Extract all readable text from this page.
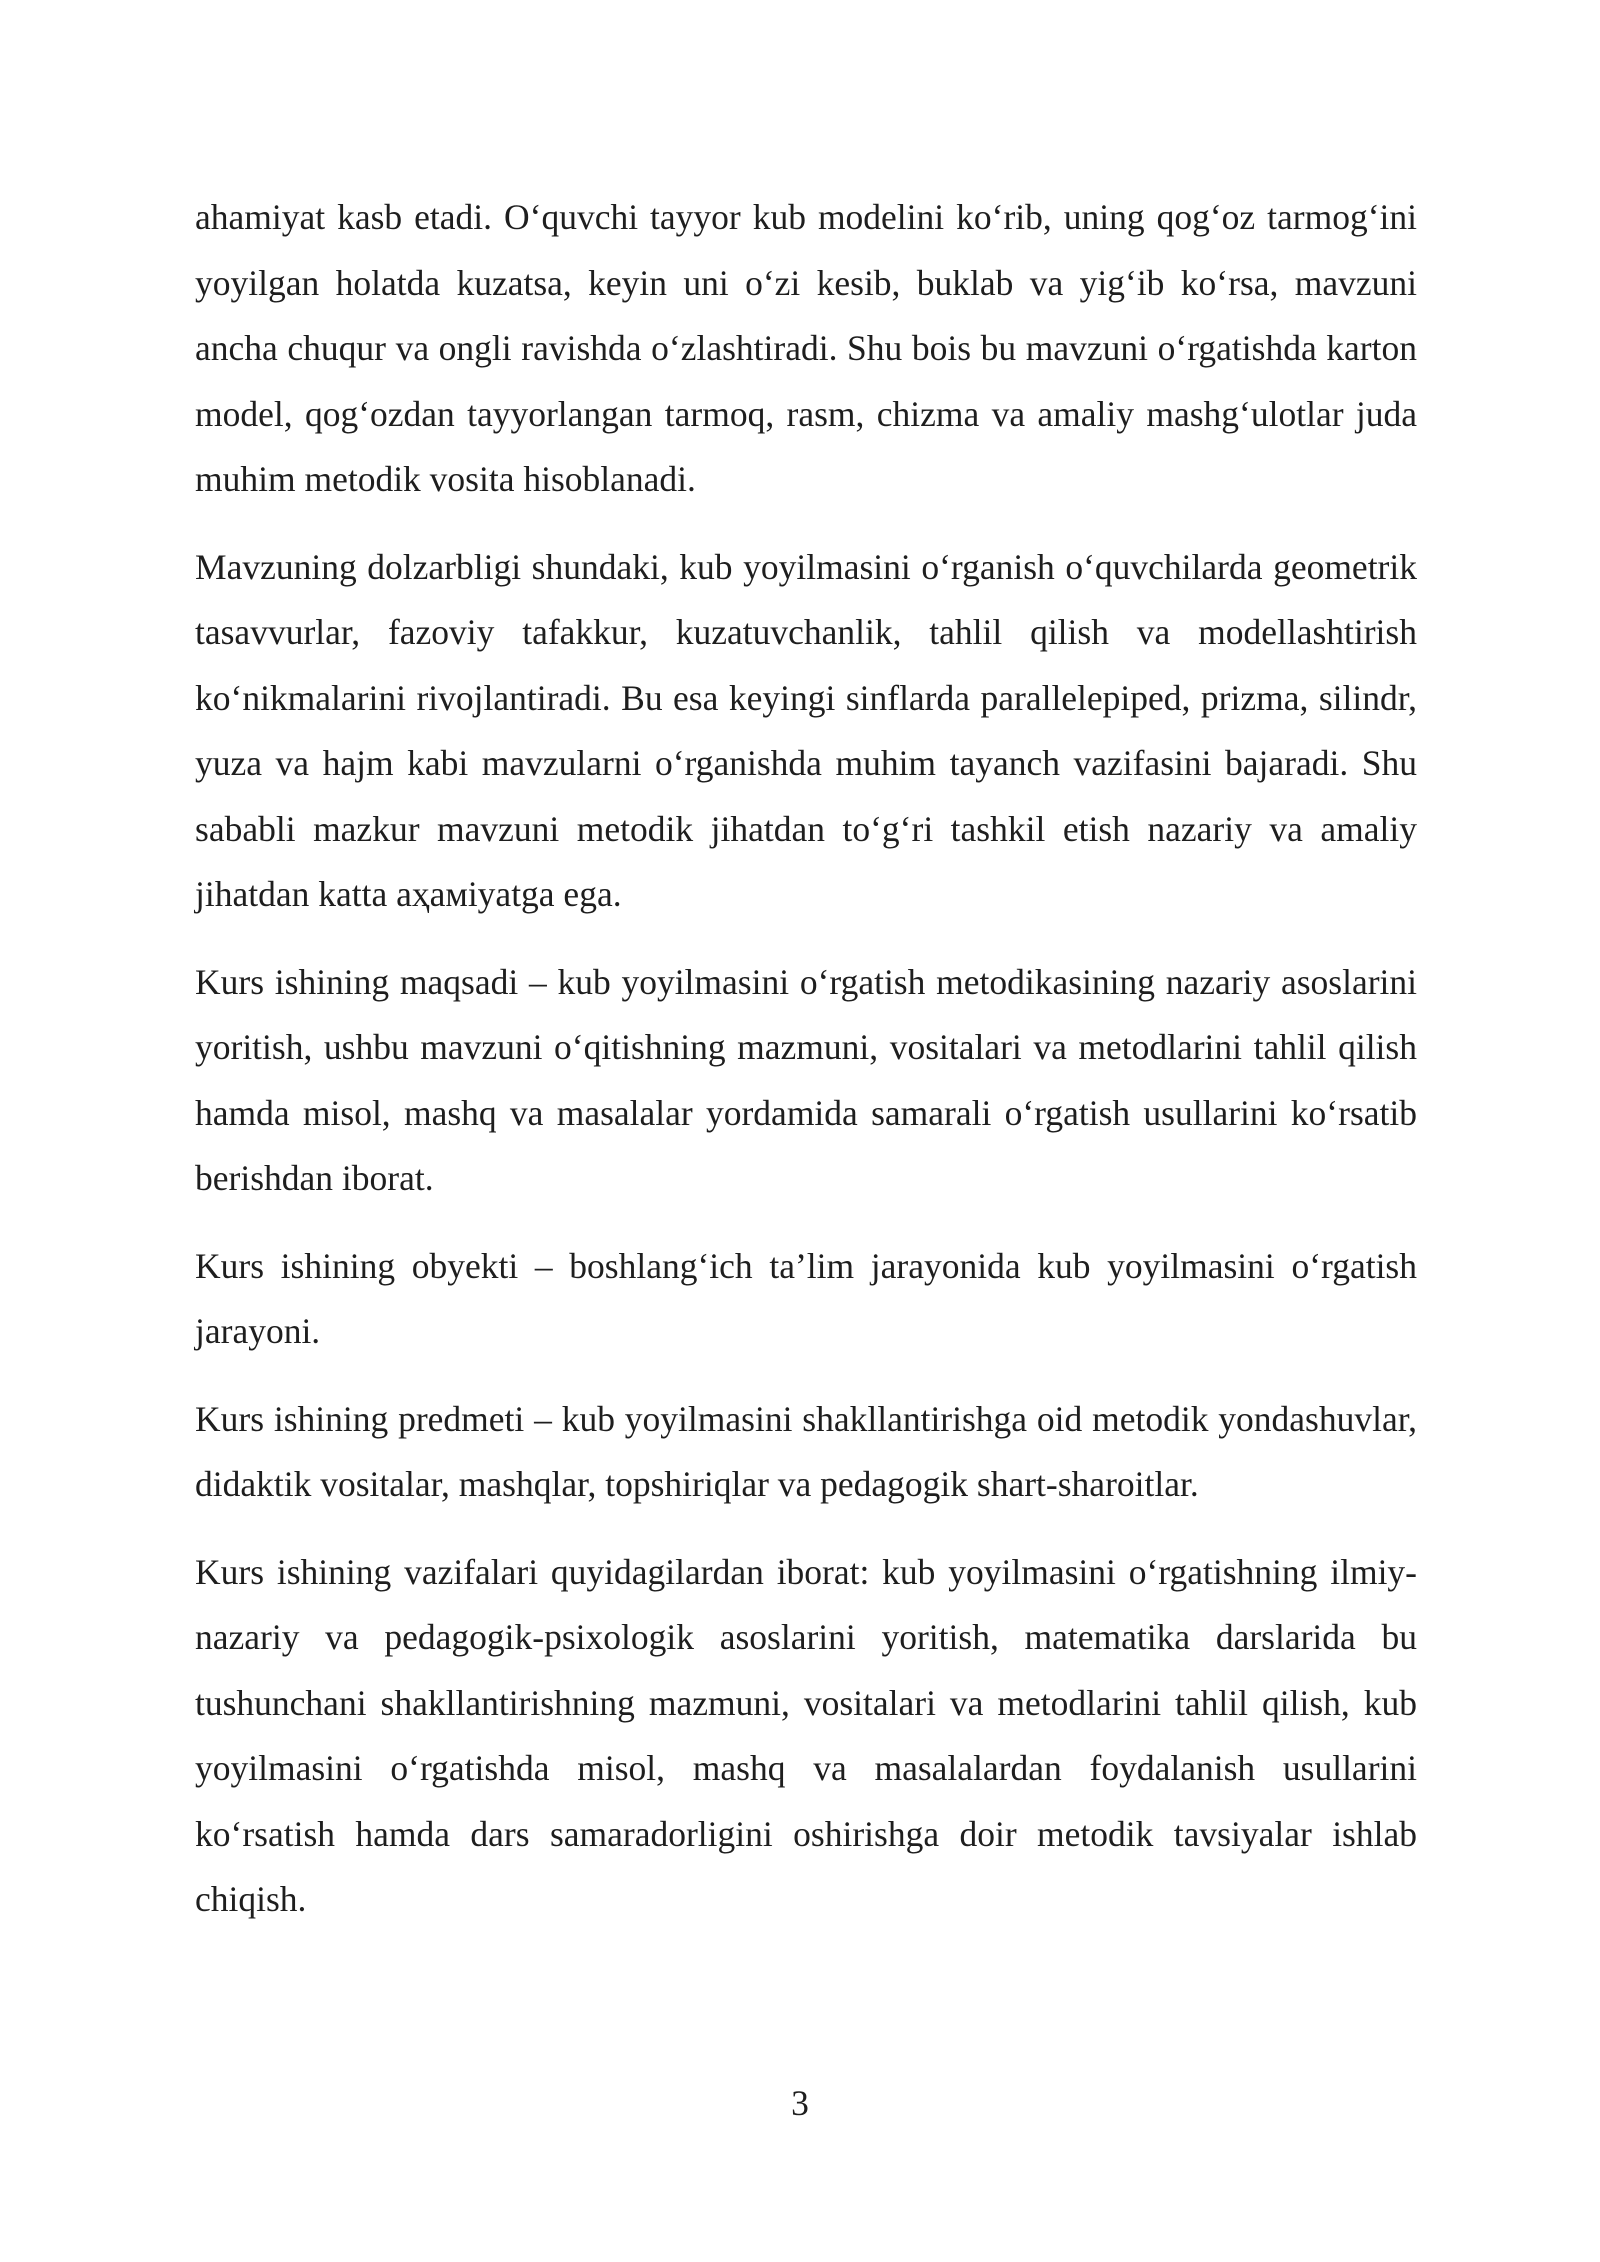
ahamiyat kasb etadi. O‘quvchi tayyor kub modelini ko‘rib, uning qog‘oz tarmog‘ini yoyilgan holatda kuzatsa, keyin uni o‘zi kesib, buklab va yig‘ib ko‘rsa, mavzuni ancha chuqur va ongli ravishda o‘zlashtiradi. Shu bois bu mavzuni o‘rgatishda karton model, qog‘ozdan tayyorlangan tarmoq, rasm, chizma va amaliy mashg‘ulotlar juda muhim metodik vosita hisoblanadi.

Mavzuning dolzarbligi shundaki, kub yoyilmasini o‘rganish o‘quvchilarda geometrik tasavvurlar, fazoviy tafakkur, kuzatuvchanlik, tahlil qilish va modellashtirish ko‘nikmalarini rivojlantiradi. Bu esa keyingi sinflarda parallelepiped, prizma, silindr, yuza va hajm kabi mavzularni o‘rganishda muhim tayanch vazifasini bajaradi. Shu sababli mazkur mavzuni metodik jihatdan to‘g‘ri tashkil etish nazariy va amaliy jihatdan katta aҳамiyatga ega.

Kurs ishining maqsadi – kub yoyilmasini o‘rgatish metodikasining nazariy asoslarini yoritish, ushbu mavzuni o‘qitishning mazmuni, vositalari va metodlarini tahlil qilish hamda misol, mashq va masalalar yordamida samarali o‘rgatish usullarini ko‘rsatib berishdan iborat.

Kurs ishining obyekti – boshlang‘ich ta’lim jarayonida kub yoyilmasini o‘rgatish jarayoni.

Kurs ishining predmeti – kub yoyilmasini shakllantirishga oid metodik yondashuvlar, didaktik vositalar, mashqlar, topshiriqlar va pedagogik shart-sharoitlar.

Kurs ishining vazifalari quyidagilardan iborat: kub yoyilmasini o‘rgatishning ilmiy-nazariy va pedagogik-psixologik asoslarini yoritish, matematika darslarida bu tushunchani shakllantirishning mazmuni, vositalari va metodlarini tahlil qilish, kub yoyilmasini o‘rgatishda misol, mashq va masalalardan foydalanish usullarini ko‘rsatish hamda dars samaradorligini oshirishga doir metodik tavsiyalar ishlab chiqish.

3
